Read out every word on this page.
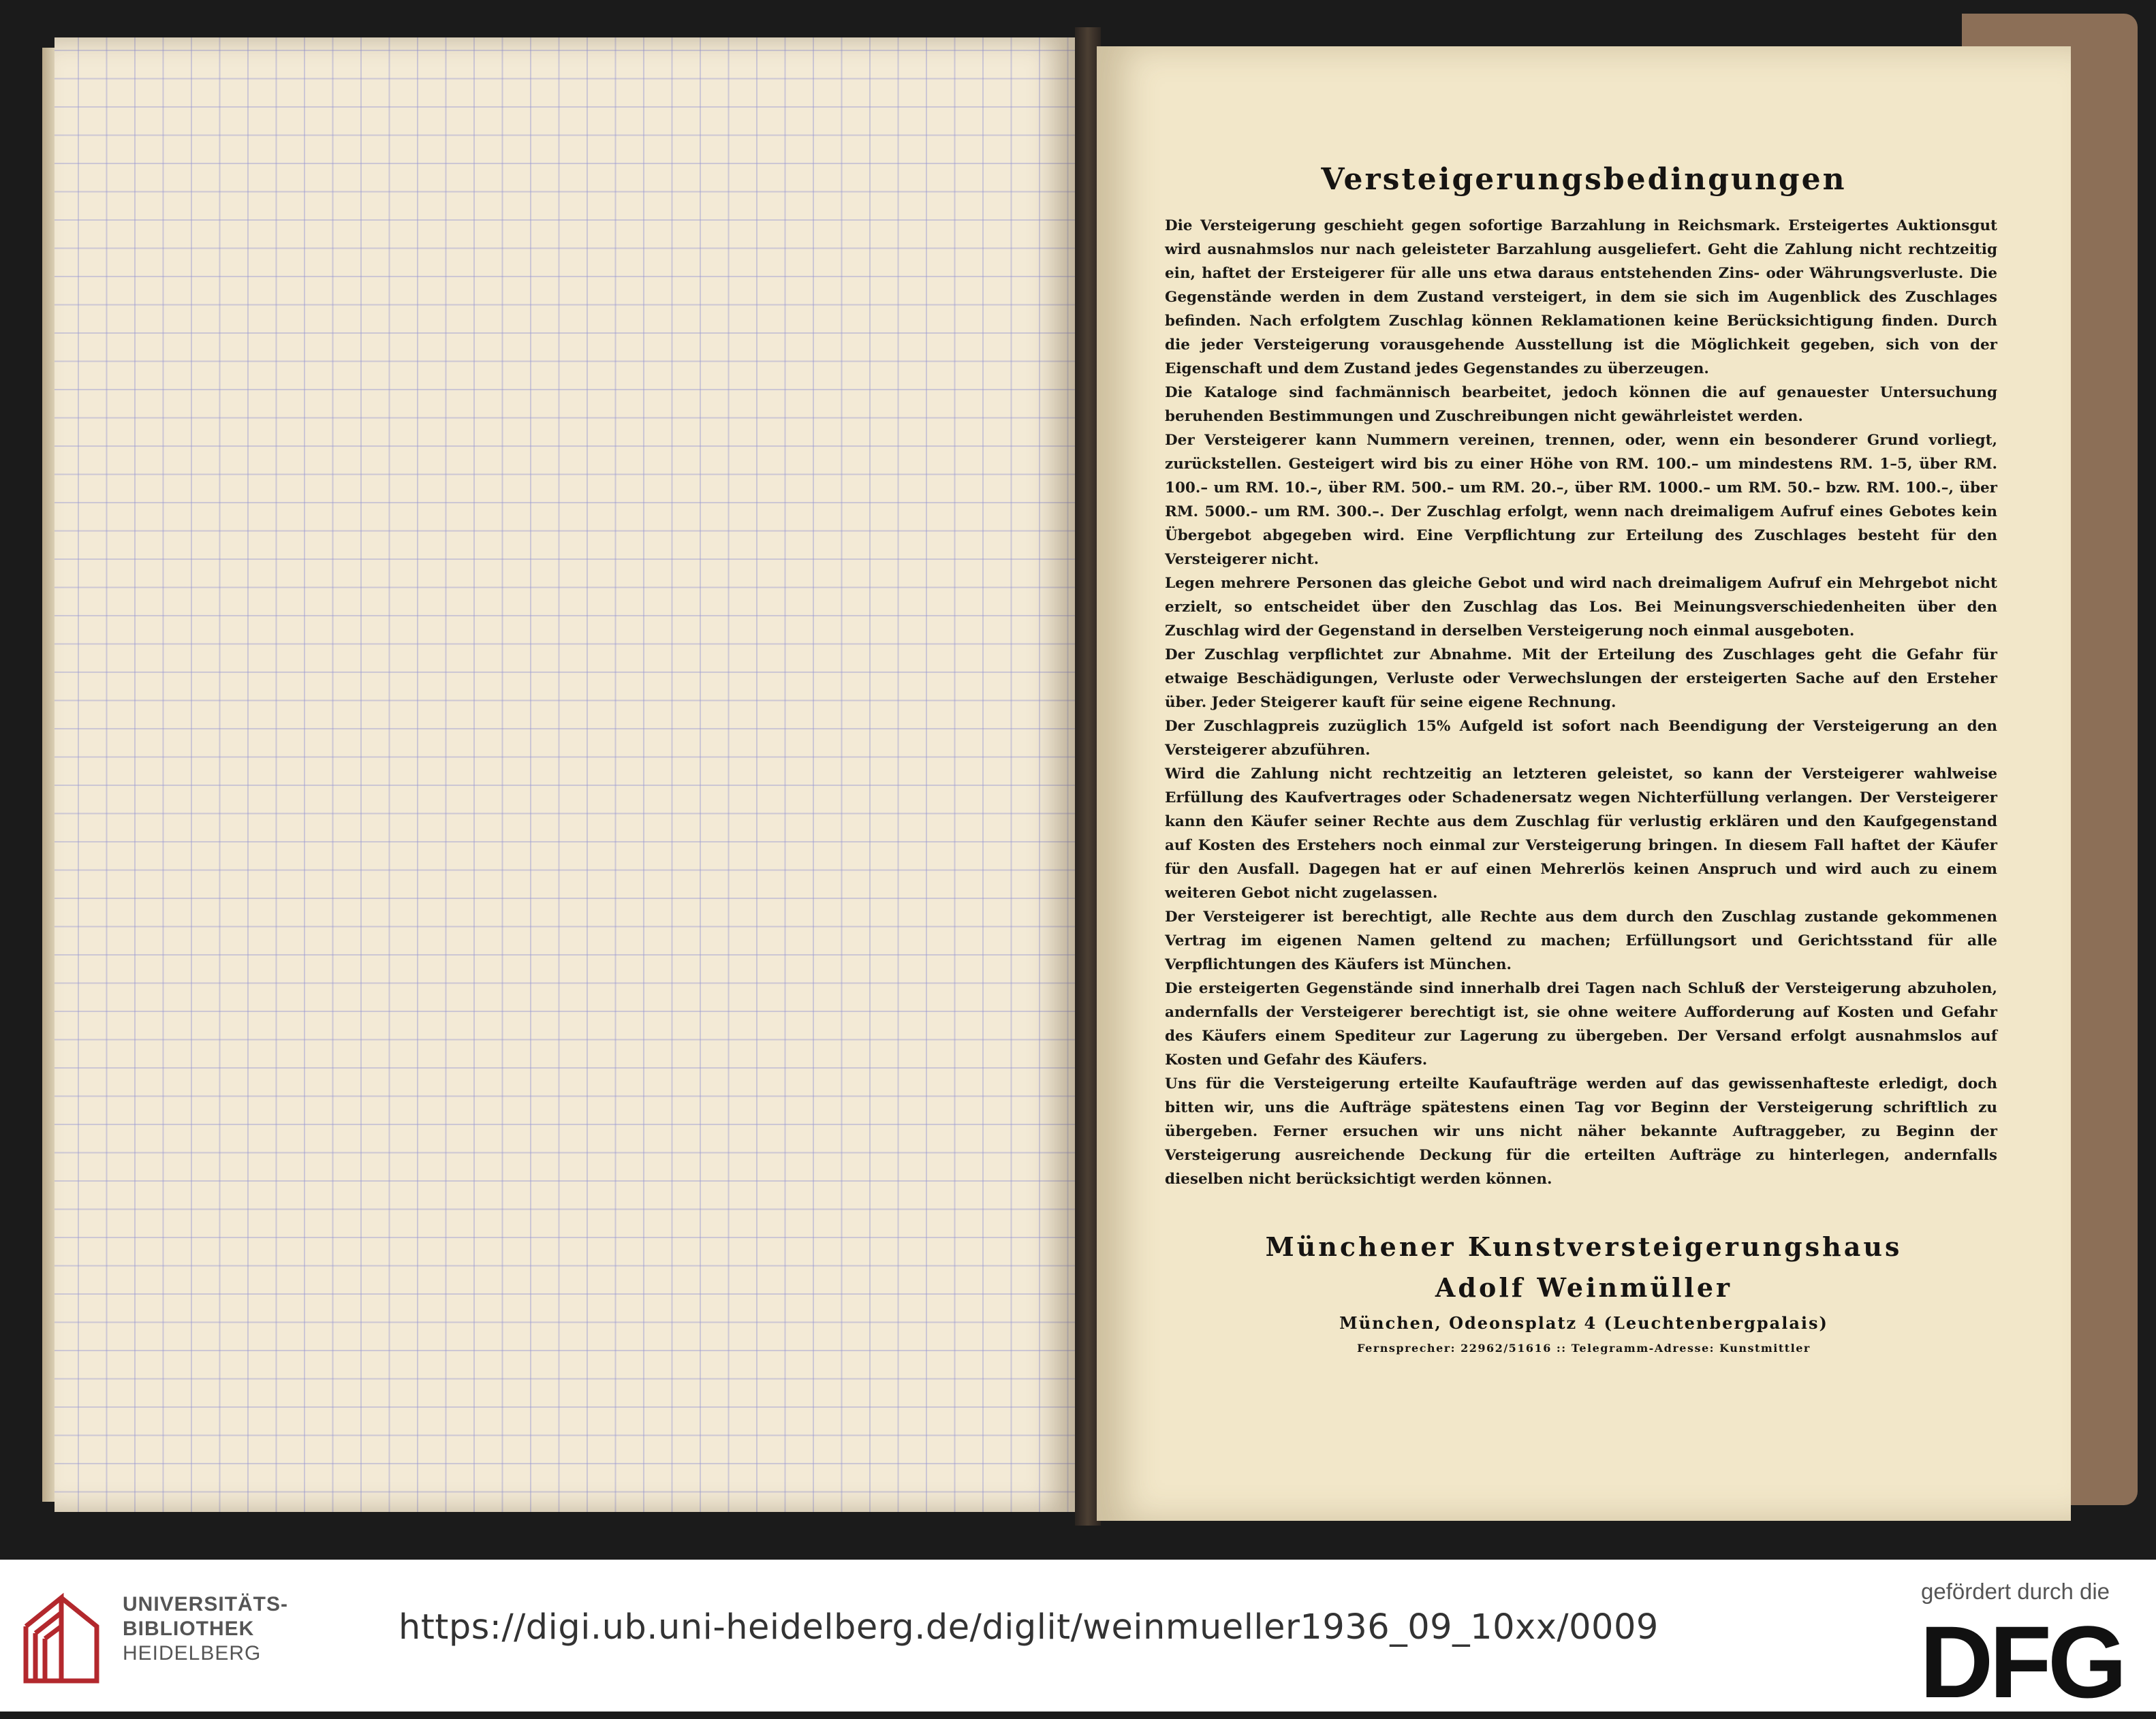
Versteigerungsbedingungen

Die Versteigerung geschieht gegen sofortige Barzahlung in Reichsmark. Ersteigertes Auktionsgut wird ausnahmslos nur nach geleisteter Barzahlung ausgeliefert. Geht die Zahlung nicht rechtzeitig ein, haftet der Ersteigerer für alle uns etwa daraus entstehenden Zins- oder Währungsverluste. Die Gegenstände werden in dem Zustand versteigert, in dem sie sich im Augenblick des Zuschlages befinden. Nach erfolgtem Zuschlag können Reklamationen keine Berücksichtigung finden. Durch die jeder Versteigerung vorausgehende Ausstellung ist die Möglichkeit gegeben, sich von der Eigenschaft und dem Zustand jedes Gegenstandes zu überzeugen.

Die Kataloge sind fachmännisch bearbeitet, jedoch können die auf genauester Untersuchung beruhenden Bestimmungen und Zuschreibungen nicht gewährleistet werden.

Der Versteigerer kann Nummern vereinen, trennen, oder, wenn ein besonderer Grund vorliegt, zurückstellen. Gesteigert wird bis zu einer Höhe von RM. 100.– um mindestens RM. 1–5, über RM. 100.– um RM. 10.–, über RM. 500.– um RM. 20.–, über RM. 1000.– um RM. 50.– bzw. RM. 100.–, über RM. 5000.– um RM. 300.–. Der Zuschlag erfolgt, wenn nach dreimaligem Aufruf eines Gebotes kein Übergebot abgegeben wird. Eine Verpflichtung zur Erteilung des Zuschlages besteht für den Versteigerer nicht.

Legen mehrere Personen das gleiche Gebot und wird nach dreimaligem Aufruf ein Mehrgebot nicht erzielt, so entscheidet über den Zuschlag das Los. Bei Meinungsverschiedenheiten über den Zuschlag wird der Gegenstand in derselben Versteigerung noch einmal ausgeboten.

Der Zuschlag verpflichtet zur Abnahme. Mit der Erteilung des Zuschlages geht die Gefahr für etwaige Beschädigungen, Verluste oder Verwechslungen der ersteigerten Sache auf den Ersteher über. Jeder Steigerer kauft für seine eigene Rechnung.

Der Zuschlagpreis zuzüglich 15% Aufgeld ist sofort nach Beendigung der Versteigerung an den Versteigerer abzuführen.

Wird die Zahlung nicht rechtzeitig an letzteren geleistet, so kann der Versteigerer wahlweise Erfüllung des Kaufvertrages oder Schadenersatz wegen Nichterfüllung verlangen. Der Versteigerer kann den Käufer seiner Rechte aus dem Zuschlag für verlustig erklären und den Kaufgegenstand auf Kosten des Erstehers noch einmal zur Versteigerung bringen. In diesem Fall haftet der Käufer für den Ausfall. Dagegen hat er auf einen Mehrerlös keinen Anspruch und wird auch zu einem weiteren Gebot nicht zugelassen.

Der Versteigerer ist berechtigt, alle Rechte aus dem durch den Zuschlag zustande gekommenen Vertrag im eigenen Namen geltend zu machen; Erfüllungsort und Gerichtsstand für alle Verpflichtungen des Käufers ist München.

Die ersteigerten Gegenstände sind innerhalb drei Tagen nach Schluß der Versteigerung abzuholen, andernfalls der Versteigerer berechtigt ist, sie ohne weitere Aufforderung auf Kosten und Gefahr des Käufers einem Spediteur zur Lagerung zu übergeben. Der Versand erfolgt ausnahmslos auf Kosten und Gefahr des Käufers.

Uns für die Versteigerung erteilte Kaufaufträge werden auf das gewissenhafteste erledigt, doch bitten wir, uns die Aufträge spätestens einen Tag vor Beginn der Versteigerung schriftlich zu übergeben. Ferner ersuchen wir uns nicht näher bekannte Auftraggeber, zu Beginn der Versteigerung ausreichende Deckung für die erteilten Aufträge zu hinterlegen, andernfalls dieselben nicht berücksichtigt werden können.

Münchener Kunstversteigerungshaus
Adolf Weinmüller
München, Odeonsplatz 4 (Leuchtenbergpalais)
Fernsprecher: 22962/51616 :: Telegramm-Adresse: Kunstmittler
UNIVERSITÄTS-
BIBLIOTHEK
HEIDELBERG
https://digi.ub.uni-heidelberg.de/diglit/weinmueller1936_09_10xx/0009
gefördert durch die
DFG
